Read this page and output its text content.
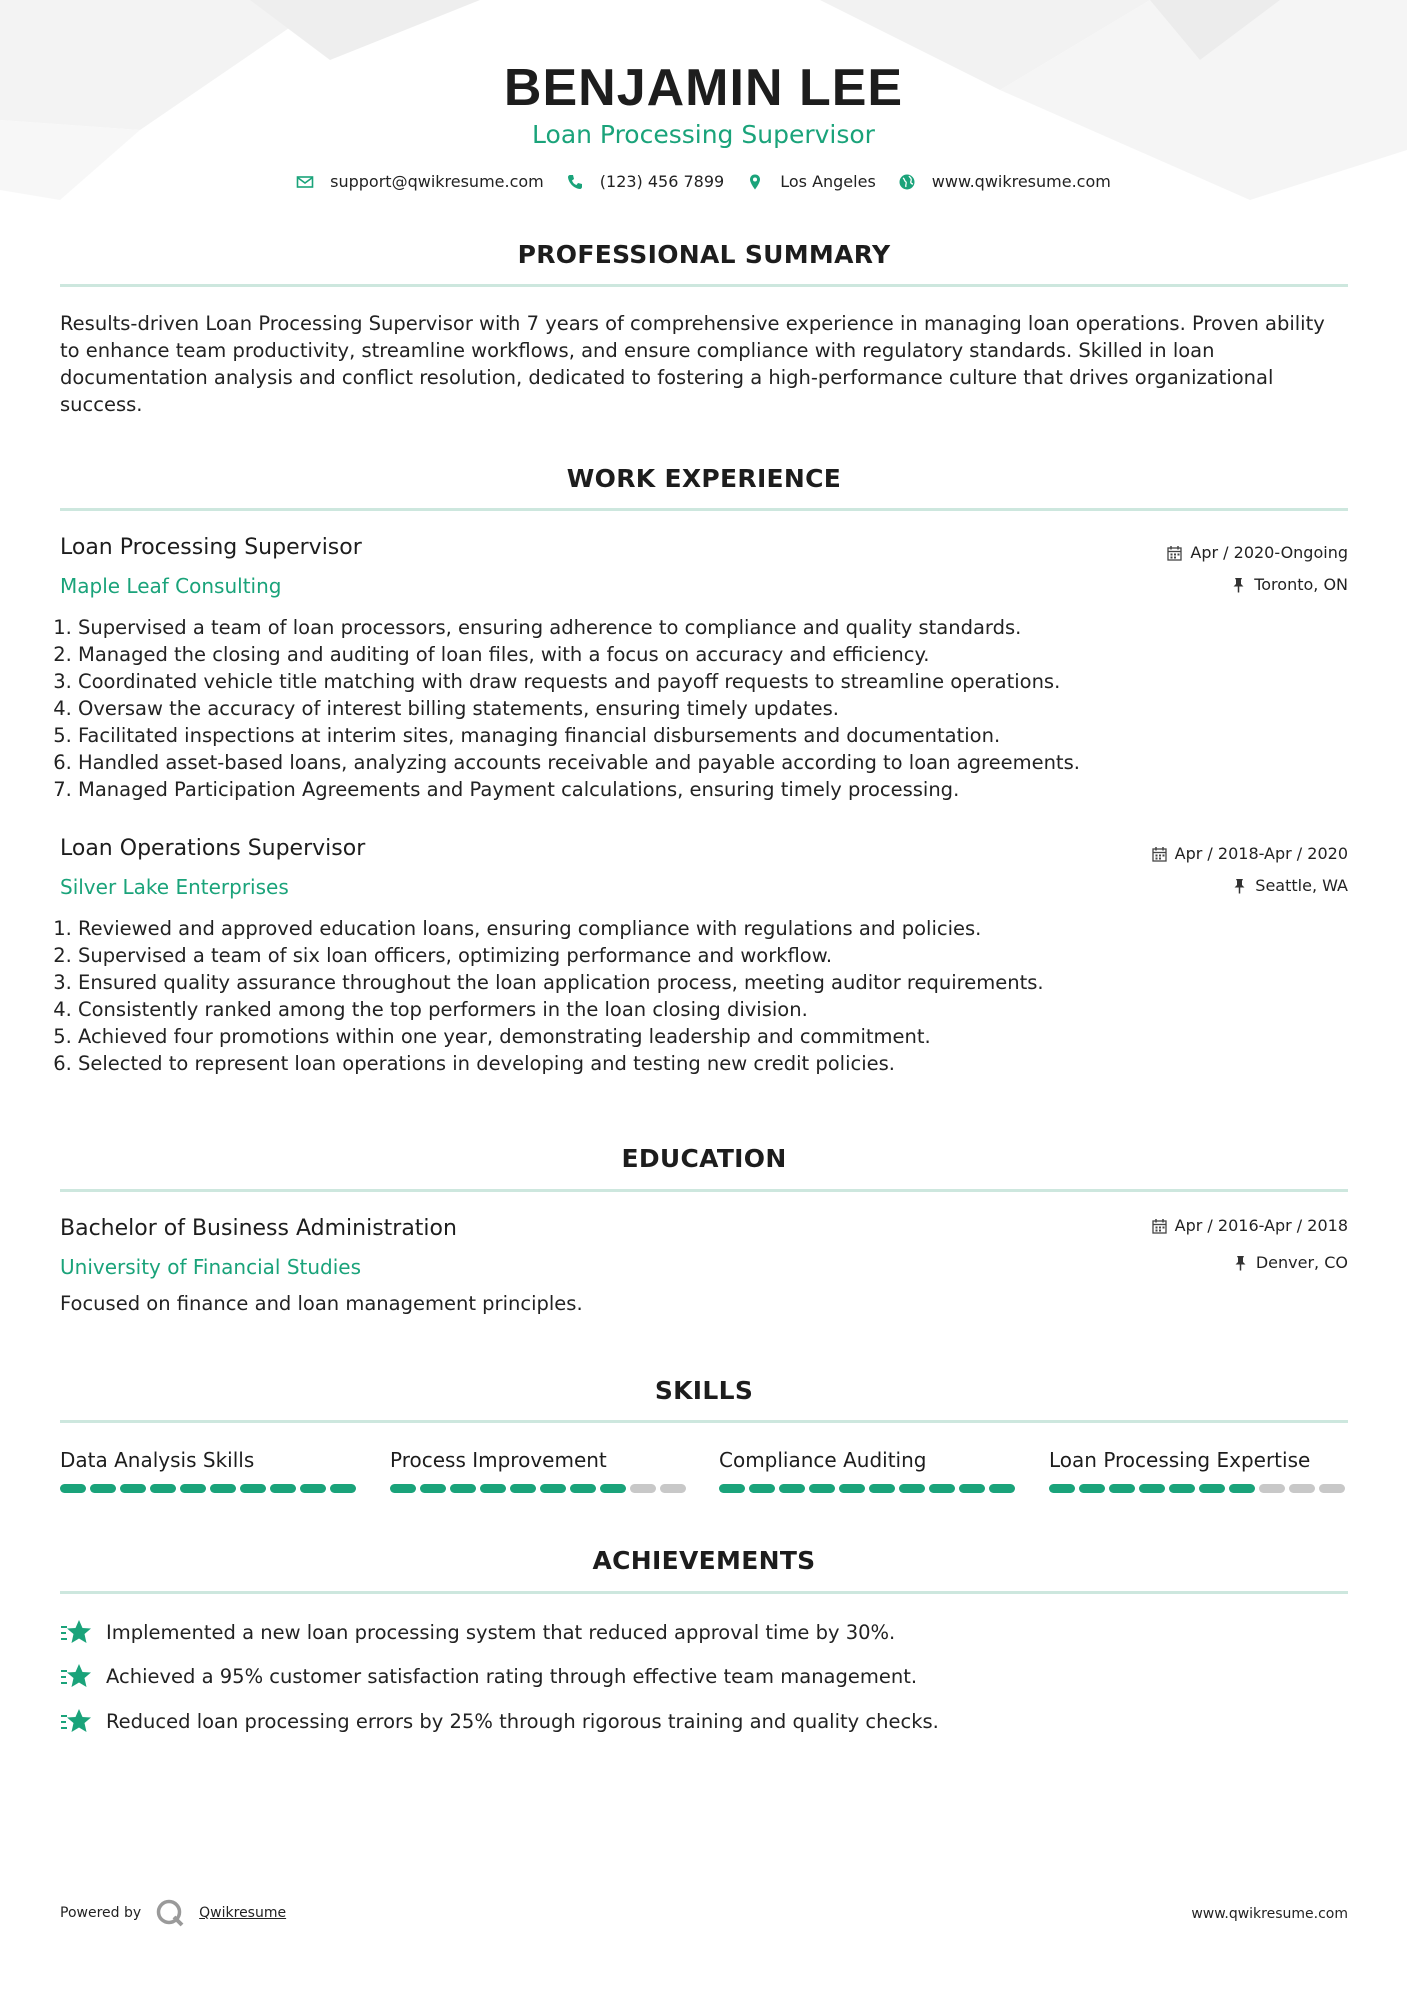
BENJAMIN LEE
Loan Processing Supervisor
support@qwikresume.com	(123) 456 7899	Los Angeles	www.qwikresume.com
PROFESSIONAL SUMMARY
Results-driven Loan Processing Supervisor with 7 years of comprehensive experience in managing loan operations. Proven ability to enhance team productivity, streamline workflows, and ensure compliance with regulatory standards. Skilled in loan documentation analysis and conflict resolution, dedicated to fostering a high-performance culture that drives organizational success.
WORK EXPERIENCE
Loan Processing Supervisor
Maple Leaf Consulting
Apr / 2020-Ongoing
Toronto, ON
1. Supervised a team of loan processors, ensuring adherence to compliance and quality standards.
2. Managed the closing and auditing of loan files, with a focus on accuracy and efficiency.
3. Coordinated vehicle title matching with draw requests and payoff requests to streamline operations.
4. Oversaw the accuracy of interest billing statements, ensuring timely updates.
5. Facilitated inspections at interim sites, managing financial disbursements and documentation.
6. Handled asset-based loans, analyzing accounts receivable and payable according to loan agreements.
7. Managed Participation Agreements and Payment calculations, ensuring timely processing.
Loan Operations Supervisor
Silver Lake Enterprises
Apr / 2018-Apr / 2020
Seattle, WA
1. Reviewed and approved education loans, ensuring compliance with regulations and policies.
2. Supervised a team of six loan officers, optimizing performance and workflow.
3. Ensured quality assurance throughout the loan application process, meeting auditor requirements.
4. Consistently ranked among the top performers in the loan closing division.
5. Achieved four promotions within one year, demonstrating leadership and commitment.
6. Selected to represent loan operations in developing and testing new credit policies.
EDUCATION
Bachelor of Business Administration
University of Financial Studies
Apr / 2016-Apr / 2018
Denver, CO
Focused on finance and loan management principles.
SKILLS
Data Analysis Skills	Process Improvement	Compliance Auditing	Loan Processing Expertise
ACHIEVEMENTS
Implemented a new loan processing system that reduced approval time by 30%.
Achieved a 95% customer satisfaction rating through effective team management.
Reduced loan processing errors by 25% through rigorous training and quality checks.
Powered by	Qwikresume	www.qwikresume.com
